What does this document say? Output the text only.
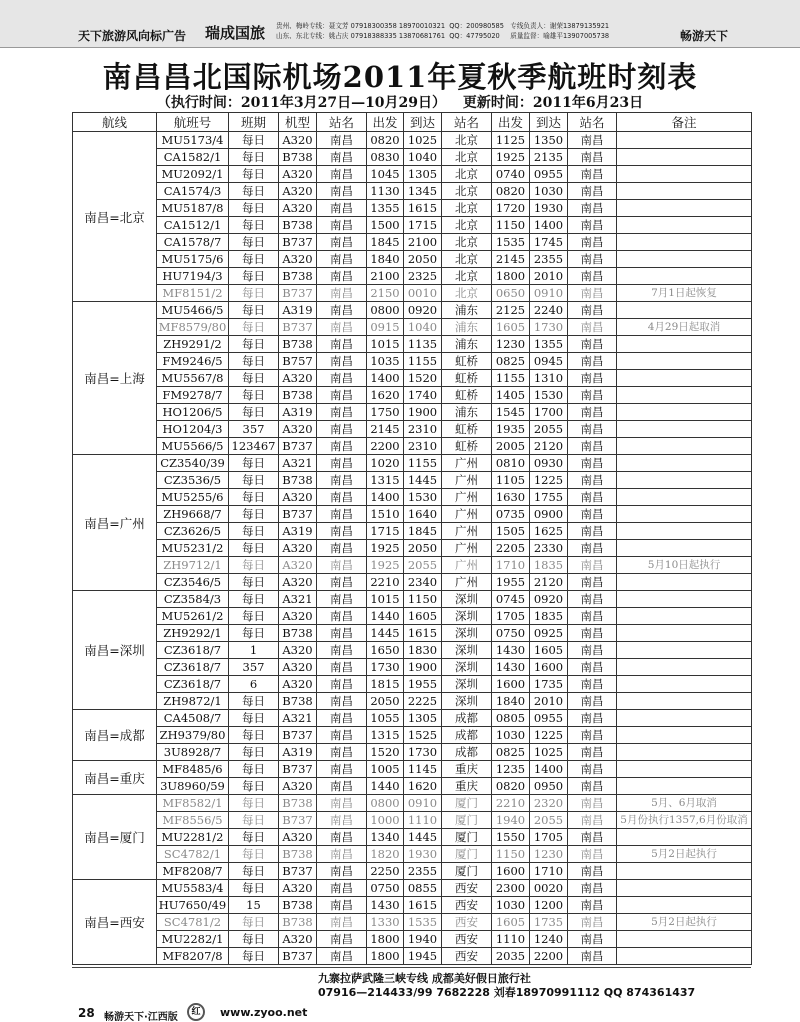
天下旅游风向标广告 瑞成国旅 贵州、梅岭专线：聂文芳 07918300358 18970010321  QQ：200980585   专线负责人：谢荣13879135921
山东、东北专线：姚占庆 07918388335 13870681761  QQ：47795020     质量监督：喻雄平13907005738	畅游天下
南昌昌北国际机场2011年夏秋季航班时刻表
（执行时间：2011年3月27日—10月29日） 更新时间：2011年6月23日
航线	航班号	班期	机型	站名	出发	到达	站名	出发	到达	站名	备注
南昌=北京	MU5173/4	每日	A320	南昌	0820	1025	北京	1125	1350	南昌	
	CA1582/1	每日	B738	南昌	0830	1040	北京	1925	2135	南昌	
	MU2092/1	每日	A320	南昌	1045	1305	北京	0740	0955	南昌	
	CA1574/3	每日	A320	南昌	1130	1345	北京	0820	1030	南昌	
	MU5187/8	每日	A320	南昌	1355	1615	北京	1720	1930	南昌	
	CA1512/1	每日	B738	南昌	1500	1715	北京	1150	1400	南昌	
	CA1578/7	每日	B737	南昌	1845	2100	北京	1535	1745	南昌	
	MU5175/6	每日	A320	南昌	1840	2050	北京	2145	2355	南昌	
	HU7194/3	每日	B738	南昌	2100	2325	北京	1800	2010	南昌	
	MF8151/2	每日	B737	南昌	2150	0010	北京	0650	0910	南昌	7月1日起恢复
南昌=上海	MU5466/5	每日	A319	南昌	0800	0920	浦东	2125	2240	南昌	
	MF8579/80	每日	B737	南昌	0915	1040	浦东	1605	1730	南昌	4月29日起取消
	ZH9291/2	每日	B738	南昌	1015	1135	浦东	1230	1355	南昌	
	FM9246/5	每日	B757	南昌	1035	1155	虹桥	0825	0945	南昌	
	MU5567/8	每日	A320	南昌	1400	1520	虹桥	1155	1310	南昌	
	FM9278/7	每日	B738	南昌	1620	1740	虹桥	1405	1530	南昌	
	HO1206/5	每日	A319	南昌	1750	1900	浦东	1545	1700	南昌	
	HO1204/3	357	A320	南昌	2145	2310	虹桥	1935	2055	南昌	
	MU5566/5	123467	B737	南昌	2200	2310	虹桥	2005	2120	南昌	
南昌=广州	CZ3540/39	每日	A321	南昌	1020	1155	广州	0810	0930	南昌	
	CZ3536/5	每日	B738	南昌	1315	1445	广州	1105	1225	南昌	
	MU5255/6	每日	A320	南昌	1400	1530	广州	1630	1755	南昌	
	ZH9668/7	每日	B737	南昌	1510	1640	广州	0735	0900	南昌	
	CZ3626/5	每日	A319	南昌	1715	1845	广州	1505	1625	南昌	
	MU5231/2	每日	A320	南昌	1925	2050	广州	2205	2330	南昌	
	ZH9712/1	每日	A320	南昌	1925	2055	广州	1710	1835	南昌	5月10日起执行
	CZ3546/5	每日	A320	南昌	2210	2340	广州	1955	2120	南昌	
南昌=深圳	CZ3584/3	每日	A321	南昌	1015	1150	深圳	0745	0920	南昌	
	MU5261/2	每日	A320	南昌	1440	1605	深圳	1705	1835	南昌	
	ZH9292/1	每日	B738	南昌	1445	1615	深圳	0750	0925	南昌	
	CZ3618/7	1	A320	南昌	1650	1830	深圳	1430	1605	南昌	
	CZ3618/7	357	A320	南昌	1730	1900	深圳	1430	1600	南昌	
	CZ3618/7	6	A320	南昌	1815	1955	深圳	1600	1735	南昌	
	ZH9872/1	每日	B738	南昌	2050	2225	深圳	1840	2010	南昌	
南昌=成都	CA4508/7	每日	A321	南昌	1055	1305	成都	0805	0955	南昌	
	ZH9379/80	每日	B737	南昌	1315	1525	成都	1030	1225	南昌	
	3U8928/7	每日	A319	南昌	1520	1730	成都	0825	1025	南昌	
南昌=重庆	MF8485/6	每日	B737	南昌	1005	1145	重庆	1235	1400	南昌	
	3U8960/59	每日	A320	南昌	1440	1620	重庆	0820	0950	南昌	
南昌=厦门	MF8582/1	每日	B738	南昌	0800	0910	厦门	2210	2320	南昌	5月、6月取消
	MF8556/5	每日	B737	南昌	1000	1110	厦门	1940	2055	南昌	5月份执行1357,6月份取消
	MU2281/2	每日	A320	南昌	1340	1445	厦门	1550	1705	南昌	
	SC4782/1	每日	B738	南昌	1820	1930	厦门	1150	1230	南昌	5月2日起执行
	MF8208/7	每日	B737	南昌	2250	2355	厦门	1600	1710	南昌	
南昌=西安	MU5583/4	每日	A320	南昌	0750	0855	西安	2300	0020	南昌	
	HU7650/49	15	B738	南昌	1430	1615	西安	1030	1200	南昌	
	SC4781/2	每日	B738	南昌	1330	1535	西安	1605	1735	南昌	5月2日起执行
	MU2282/1	每日	A320	南昌	1800	1940	西安	1110	1240	南昌	
	MF8207/8	每日	B737	南昌	1800	1945	西安	2035	2200	南昌	
九寨拉萨武隆三峡专线 成都美好假日旅行社
07916—214433/99 7682228 刘春18970991112 QQ 874361437
28 畅游天下·江西版	红	www.zyoo.net
